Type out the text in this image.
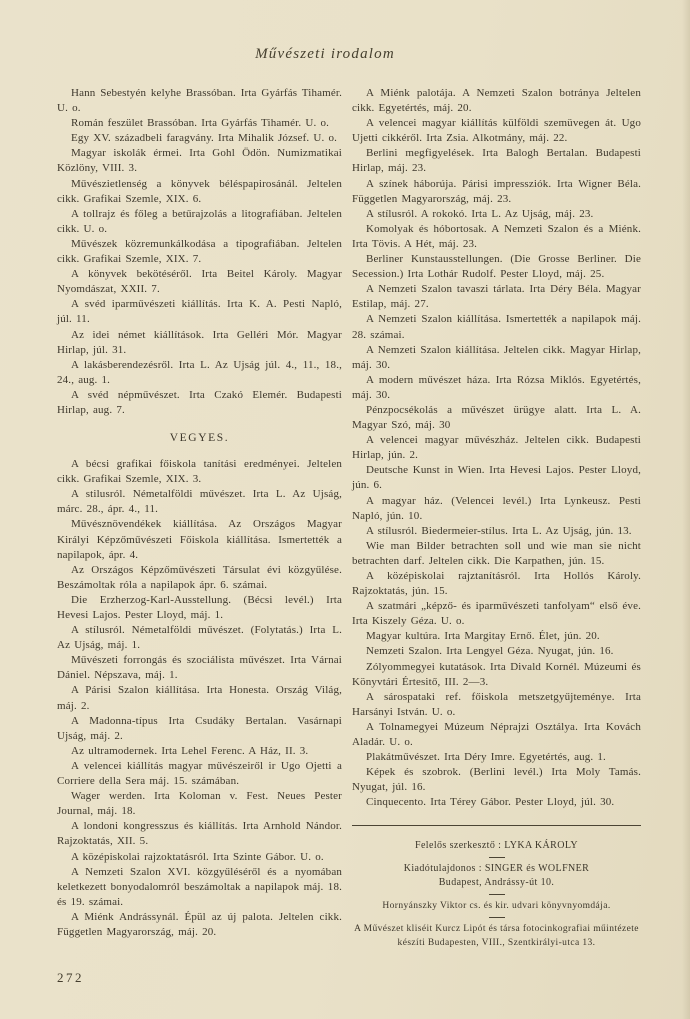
Művészeti irodalom

Hann Sebestyén kelyhe Brassóban. Irta Gyárfás Tihamér. U. o.

Román feszület Brassóban. Irta Gyárfás Tihamér. U. o.

Egy XV. századbeli faragvány. Irta Mihalik József. U. o.

Magyar iskolák érmei. Irta Gohl Ödön. Numizmatikai Közlöny, VIII. 3.

Művészietlenség a könyvek béléspapirosánál. Jeltelen cikk. Grafikai Szemle, XIX. 6.

A tollrajz és főleg a betűrajzolás a litografiában. Jeltelen cikk. U. o.

Művészek közremunkálkodása a tipografiában. Jeltelen cikk. Grafikai Szemle, XIX. 7.

A könyvek bekötéséről. Irta Beitel Károly. Magyar Nyomdászat, XXII. 7.

A svéd iparművészeti kiállítás. Irta K. A. Pesti Napló, júl. 11.

Az idei német kiállítások. Irta Gelléri Mór. Magyar Hirlap, júl. 31.

A lakásberendezésről. Irta L. Az Ujság júl. 4., 11., 18., 24., aug. 1.

A svéd népművészet. Irta Czakó Elemér. Budapesti Hirlap, aug. 7.

VEGYES.

A bécsi grafikai főiskola tanítási eredményei. Jeltelen cikk. Grafikai Szemle, XIX. 3.

A stilusról. Németalföldi művészet. Irta L. Az Ujság, márc. 28., ápr. 4., 11.

Művésznövendékek kiállítása. Az Országos Magyar Királyi Képzőművészeti Főiskola kiállítása. Ismertették a napilapok, ápr. 4.

Az Országos Képzőművészeti Társulat évi közgyűlése. Beszámoltak róla a napilapok ápr. 6. számai.

Die Erzherzog-Karl-Ausstellung. (Bécsi levél.) Irta Hevesi Lajos. Pester Lloyd, máj. 1.

A stílusról. Németalföldi művészet. (Folytatás.) Irta L. Az Ujság, máj. 1.

Művészeti forrongás és szociálista művészet. Irta Várnai Dániel. Népszava, máj. 1.

A Párisi Szalon kiállítása. Irta Honesta. Ország Világ, máj. 2.

A Madonna-típus Irta Csudáky Bertalan. Vasárnapi Ujság, máj. 2.

Az ultramodernek. Irta Lehel Ferenc. A Ház, II. 3.

A velencei kiállítás magyar művészeiről ir Ugo Ojetti a Corriere della Sera máj. 15. számában.

Wager werden. Irta Koloman v. Fest. Neues Pester Journal, máj. 18.

A londoni kongresszus és kiállítás. Irta Arnhold Nándor. Rajzoktatás, XII. 5.

A középiskolai rajzoktatásról. Irta Szinte Gábor. U. o.

A Nemzeti Szalon XVI. közgyűléséről és a nyomában keletkezett bonyodalomról beszámoltak a napilapok máj. 18. és 19. számai.

A Miénk Andrássynál. Épül az új palota. Jeltelen cikk. Független Magyarország, máj. 20.

A Miénk palotája. A Nemzeti Szalon botránya Jeltelen cikk. Egyetértés, máj. 20.

A velencei magyar kiállítás külföldi szemüvegen át. Ugo Ujetti cikkéről. Irta Zsia. Alkotmány, máj. 22.

Berlini megfigyelések. Irta Balogh Bertalan. Budapesti Hirlap, máj. 23.

A színek háborúja. Párisi impressziók. Irta Wigner Béla. Független Magyarország, máj. 23.

A stílusról. A rokokó. Irta L. Az Ujság, máj. 23.

Komolyak és hóbortosak. A Nemzeti Szalon és a Miénk. Irta Tövis. A Hét, máj. 23.

Berliner Kunstausstellungen. (Die Grosse Berliner. Die Secession.) Irta Lothár Rudolf. Pester Lloyd, máj. 25.

A Nemzeti Szalon tavaszi tárlata. Irta Déry Béla. Magyar Estilap, máj. 27.

A Nemzeti Szalon kiállítása. Ismertették a napilapok máj. 28. számai.

A Nemzeti Szalon kiállítása. Jeltelen cikk. Magyar Hirlap, máj. 30.

A modern művészet háza. Irta Rózsa Miklós. Egyetértés, máj. 30.

Pénzpocsékolás a művészet ürügye alatt. Irta L. A. Magyar Szó, máj. 30

A velencei magyar művészház. Jeltelen cikk. Budapesti Hirlap, jún. 2.

Deutsche Kunst in Wien. Irta Hevesi Lajos. Pester Lloyd, jún. 6.

A magyar ház. (Velencei levél.) Irta Lynkeusz. Pesti Napló, jún. 10.

A stílusról. Biedermeier-stílus. Irta L. Az Ujság, jún. 13.

Wie man Bilder betrachten soll und wie man sie nicht betrachten darf. Jeltelen cikk. Die Karpathen, jún. 15.

A középiskolai rajztanításról. Irta Hollós Károly. Rajzoktatás, jún. 15.

A szatmári „képző- és iparművészeti tanfolyam“ első éve. Irta Kiszely Géza. U. o.

Magyar kultúra. Irta Margitay Ernő. Élet, jún. 20.

Nemzeti Szalon. Irta Lengyel Géza. Nyugat, jún. 16.

Zólyommegyei kutatások. Irta Divald Kornél. Múzeumi és Könyvtári Értesitő, III. 2—3.

A sárospataki ref. főiskola metszetgyűjteménye. Irta Harsányi István. U. o.

A Tolnamegyei Múzeum Néprajzi Osztálya. Irta Kovách Aladár. U. o.

Plakátművészet. Irta Déry Imre. Egyetértés, aug. 1.

Képek és szobrok. (Berlini levél.) Irta Moly Tamás. Nyugat, júl. 16.

Cinquecento. Irta Térey Gábor. Pester Lloyd, júl. 30.

Felelős szerkesztő : LYKA KÁROLY

Kiadótulajdonos : SINGER és WOLFNER

Budapest, Andrássy-út 10.

Hornyánszky Viktor cs. és kir. udvari könyvnyomdája.

A Művészet kliséit Kurcz Lipót és társa fotocinkografiai műintézete készíti Budapesten, VIII., Szentkirályi-utca 13.

272
